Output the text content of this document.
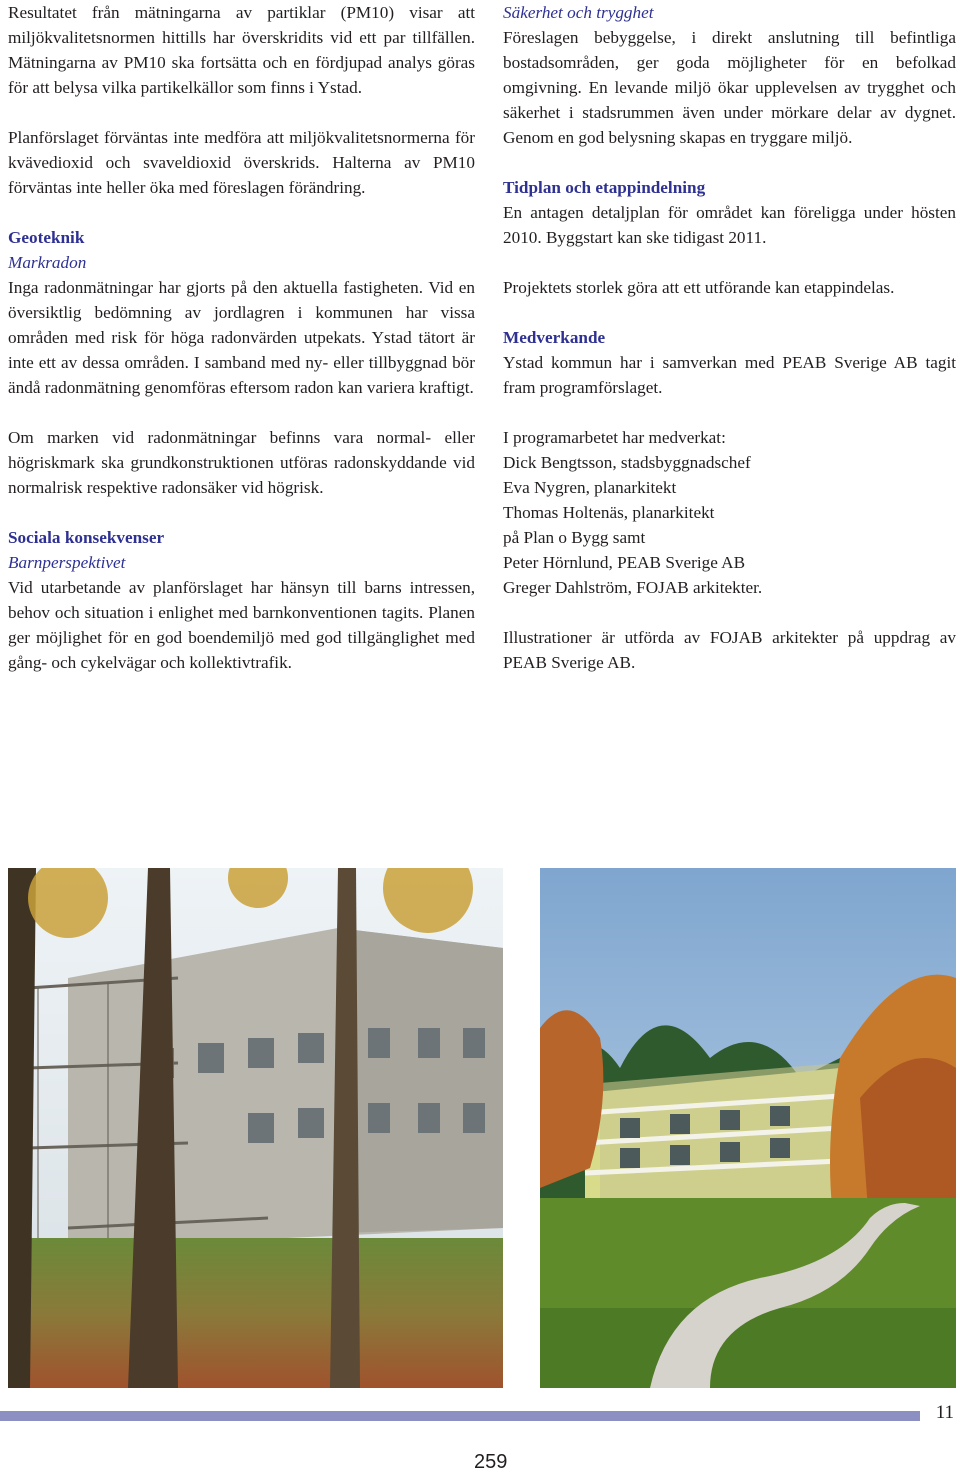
Resultatet från mätningarna av partiklar (PM10) visar att miljökvalitetsnormen hittills har överskridits vid ett par tillfällen. Mätningarna av PM10 ska fortsätta och en fördjupad analys göras för att belysa vilka partikelkällor som finns i Ystad.

Planförslaget förväntas inte medföra att miljökvalitetsnormerna för kvävedioxid och svaveldioxid överskrids. Halterna av PM10 förväntas inte heller öka med föreslagen förändring.

Geoteknik
Markradon

Inga radonmätningar har gjorts på den aktuella fastigheten. Vid en översiktlig bedömning av jordlagren i kommunen har vissa områden med risk för höga radonvärden utpekats. Ystad tätort är inte ett av dessa områden. I samband med ny- eller tillbyggnad bör ändå radonmätning genomföras eftersom radon kan variera kraftigt.

Om marken vid radonmätningar befinns vara normal- eller högriskmark ska grundkonstruktionen utföras radonskyddande vid normalrisk respektive radonsäker vid högrisk.

Sociala konsekvenser
Barnperspektivet

Vid utarbetande av planförslaget har hänsyn till barns intressen, behov och situation i enlighet med barnkonventionen tagits. Planen ger möjlighet för en god boendemiljö med god tillgänglighet med gång- och cykelvägar och kollektivtrafik.

Säkerhet och trygghet

Föreslagen bebyggelse, i direkt anslutning till befintliga bostadsområden, ger goda möjligheter för en befolkad omgivning. En levande miljö ökar upplevelsen av trygghet och säkerhet i stadsrummen även under mörkare delar av dygnet. Genom en god belysning skapas en tryggare miljö.

Tidplan och etappindelning

En antagen detaljplan för området kan föreligga under hösten 2010. Byggstart kan ske tidigast 2011.

Projektets storlek göra att ett utförande kan etappindelas.

Medverkande

Ystad kommun har i samverkan med PEAB Sverige AB tagit fram programförslaget.

I programarbetet har medverkat:
Dick Bengtsson, stadsbyggnadschef
Eva Nygren, planarkitekt
Thomas Holtenäs, planarkitekt
på Plan o Bygg samt
Peter Hörnlund, PEAB Sverige AB
Greger Dahlström, FOJAB arkitekter.

Illustrationer är utförda av FOJAB arkitekter på uppdrag av PEAB Sverige AB.

11
259
